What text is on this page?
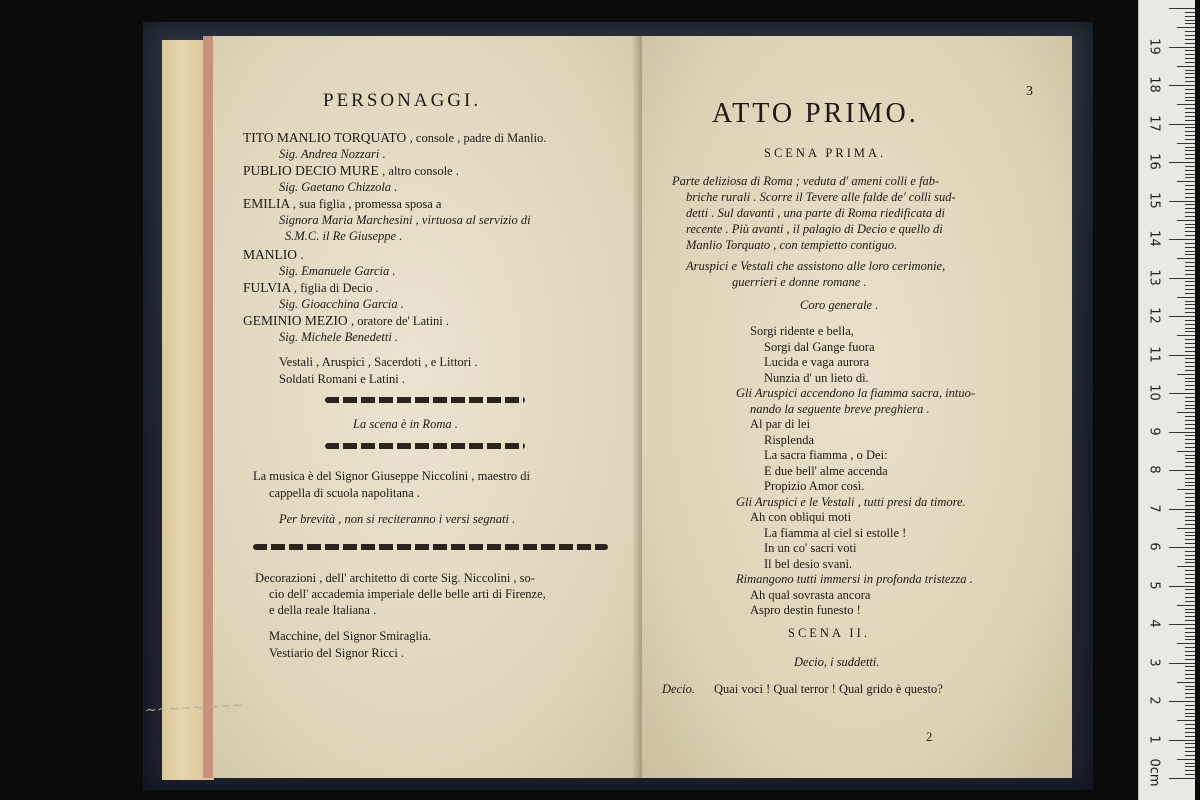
PERSONAGGI.
TITO MANLIO TORQUATO , console , padre di Manlio.
Sig. Andrea Nozzari .
PUBLIO DECIO MURE , altro console .
Sig. Gaetano Chizzola .
EMILIA , sua figlia , promessa sposa a
Signora Maria Marchesini , virtuosa al servizio di
S.M.C. il Re Giuseppe .
MANLIO .
Sig. Emanuele Garcia .
FULVIA , figlia di Decio .
Sig. Gioacchina Garcia .
GEMINIO MEZIO , oratore de' Latini .
Sig. Michele Benedetti .
Vestali , Aruspici , Sacerdoti , e Littori .
Soldati Romani e Latini .
La scena è in Roma .
La musica è del Signor Giuseppe Niccolini , maestro di
cappella di scuola napolitana .
Per brevità , non si reciteranno i versi segnati .
Decorazioni , dell' architetto di corte Sig. Niccolini , so-
cio dell' accademia imperiale delle belle arti di Firenze,
e della reale Italiana .
Macchine, del Signor Smiraglia.
Vestiario del Signor Ricci .
3
ATTO PRIMO.
SCENA PRIMA.
Parte deliziosa di Roma ; veduta d' ameni colli e fab-
briche rurali . Scorre il Tevere alle falde de' colli sud-
detti . Sul davanti , una parte di Roma riedificata di
recente . Più avanti , il palagio di Decio e quello di
Manlio Torquato , con tempietto contiguo.
Aruspici e Vestali che assistono alle loro cerimonie,
guerrieri e donne romane .
Coro generale .
Sorgi ridente e bella,
Sorgi dal Gange fuora
Lucida e vaga aurora
Nunzia d' un lieto dì.
Gli Aruspici accendono la fiamma sacra, intuo-
nando la seguente breve preghiera .
Al par di lei
Risplenda
La sacra fiamma , o Dei:
E due bell' alme accenda
Propizio Amor così.
Gli Aruspici e le Vestali , tutti presi da timore.
Ah con obliqui moti
La fiamma al ciel si estolle !
In un co' sacri voti
Il bel desio svanì.
Rimangono tutti immersi in profonda tristezza .
Ah qual sovrasta ancora
Aspro destin funesto !
SCENA II.
Decio, i suddetti.
Decio. Quai voci ! Qual terror ! Qual grido è questo?
2
~~~~~ ~~~
19
18
17
16
15
14
13
12
11
10
9
8
7
6
5
4
3
2
1
0cm
